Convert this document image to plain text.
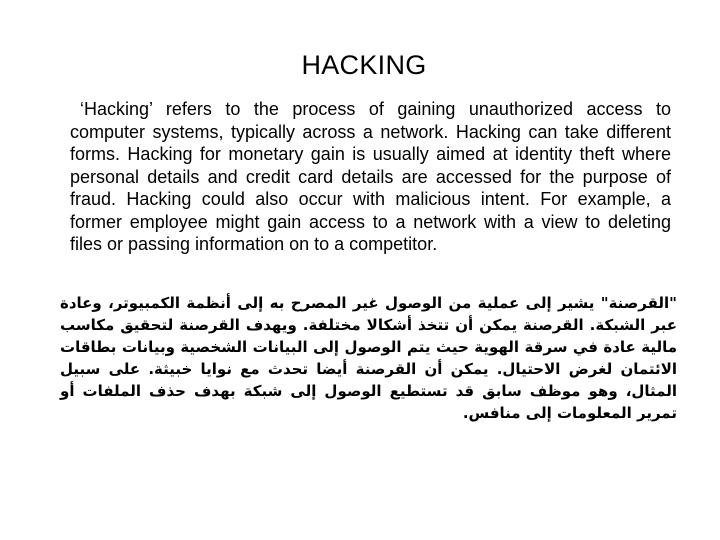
HACKING

‘Hacking’ refers to the process of gaining unauthorized access to computer systems, typically across a network. Hacking can take different forms. Hacking for monetary gain is usually aimed at identity theft where personal details and credit card details are accessed for the purpose of fraud. Hacking could also occur with malicious intent. For example, a former employee might gain access to a network with a view to deleting files or passing information on to a competitor.

"القرصنة" يشير إلى عملية من الوصول غير المصرح به إلى أنظمة الكمبيوتر، وعادة عبر الشبكة. القرصنة يمكن أن تتخذ أشكالا مختلفة. ويهدف القرصنة لتحقيق مكاسب مالية عادة في سرقة الهوية حيث يتم الوصول إلى البيانات الشخصية وبيانات بطاقات الائتمان لغرض الاحتيال. يمكن أن القرصنة أيضا تحدث مع نوايا خبيثة. على سبيل المثال، وهو موظف سابق قد تستطيع الوصول إلى شبكة بهدف حذف الملفات أو تمرير المعلومات إلى منافس.
